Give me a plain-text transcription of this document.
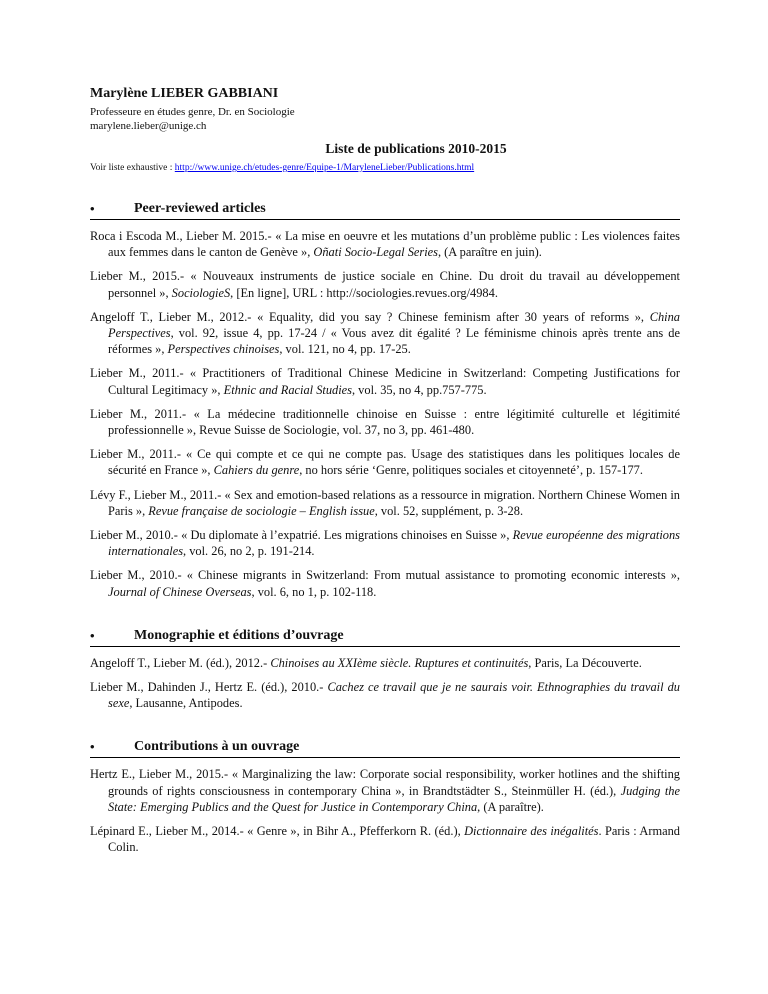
Marylène LIEBER GABBIANI
Professeure en études genre, Dr. en Sociologie
marylene.lieber@unige.ch
Liste de publications 2010-2015
Voir liste exhaustive : http://www.unige.ch/etudes-genre/Equipe-1/MaryleneLieber/Publications.html
•	Peer-reviewed articles

Roca i Escoda M., Lieber M. 2015.- « La mise en oeuvre et les mutations d’un problème public : Les violences faites aux femmes dans le canton de Genève », Oñati Socio-Legal Series, (A paraître en juin).

Lieber M., 2015.- « Nouveaux instruments de justice sociale en Chine. Du droit du travail au développement personnel », SociologieS, [En ligne], URL : http://sociologies.revues.org/4984.

Angeloff T., Lieber M., 2012.- « Equality, did you say ? Chinese feminism after 30 years of reforms », China Perspectives, vol. 92, issue 4, pp. 17-24 / « Vous avez dit égalité ? Le féminisme chinois après trente ans de réformes », Perspectives chinoises, vol. 121, no 4, pp. 17-25.

Lieber M., 2011.- « Practitioners of Traditional Chinese Medicine in Switzerland: Competing Justifications for Cultural Legitimacy », Ethnic and Racial Studies, vol. 35, no 4, pp.757-775.

Lieber M., 2011.- « La médecine traditionnelle chinoise en Suisse : entre légitimité culturelle et légitimité professionnelle », Revue Suisse de Sociologie, vol. 37, no 3, pp. 461-480.

Lieber M., 2011.- « Ce qui compte et ce qui ne compte pas. Usage des statistiques dans les politiques locales de sécurité en France », Cahiers du genre, no hors série ‘Genre, politiques sociales et citoyenneté’, p. 157-177.

Lévy F., Lieber M., 2011.- « Sex and emotion-based relations as a ressource in migration. Northern Chinese Women in Paris », Revue française de sociologie – English issue, vol. 52, supplément, p. 3-28.

Lieber M., 2010.- « Du diplomate à l’expatrié. Les migrations chinoises en Suisse », Revue européenne des migrations internationales, vol. 26, no 2, p. 191-214.

Lieber M., 2010.- « Chinese migrants in Switzerland: From mutual assistance to promoting economic interests », Journal of Chinese Overseas, vol. 6, no 1, p. 102-118.

•	Monographie et éditions d’ouvrage

Angeloff T., Lieber M. (éd.), 2012.- Chinoises au XXIème siècle. Ruptures et continuités, Paris, La Découverte.

Lieber M., Dahinden J., Hertz E. (éd.), 2010.- Cachez ce travail que je ne saurais voir. Ethnographies du travail du sexe, Lausanne, Antipodes.

•	Contributions à un ouvrage

Hertz E., Lieber M., 2015.- « Marginalizing the law: Corporate social responsibility, worker hotlines and the shifting grounds of rights consciousness in contemporary China », in Brandtstädter S., Steinmüller H. (éd.), Judging the State: Emerging Publics and the Quest for Justice in Contemporary China, (A paraître).

Lépinard E., Lieber M., 2014.- « Genre », in Bihr A., Pfefferkorn R. (éd.), Dictionnaire des inégalités. Paris : Armand Colin.
